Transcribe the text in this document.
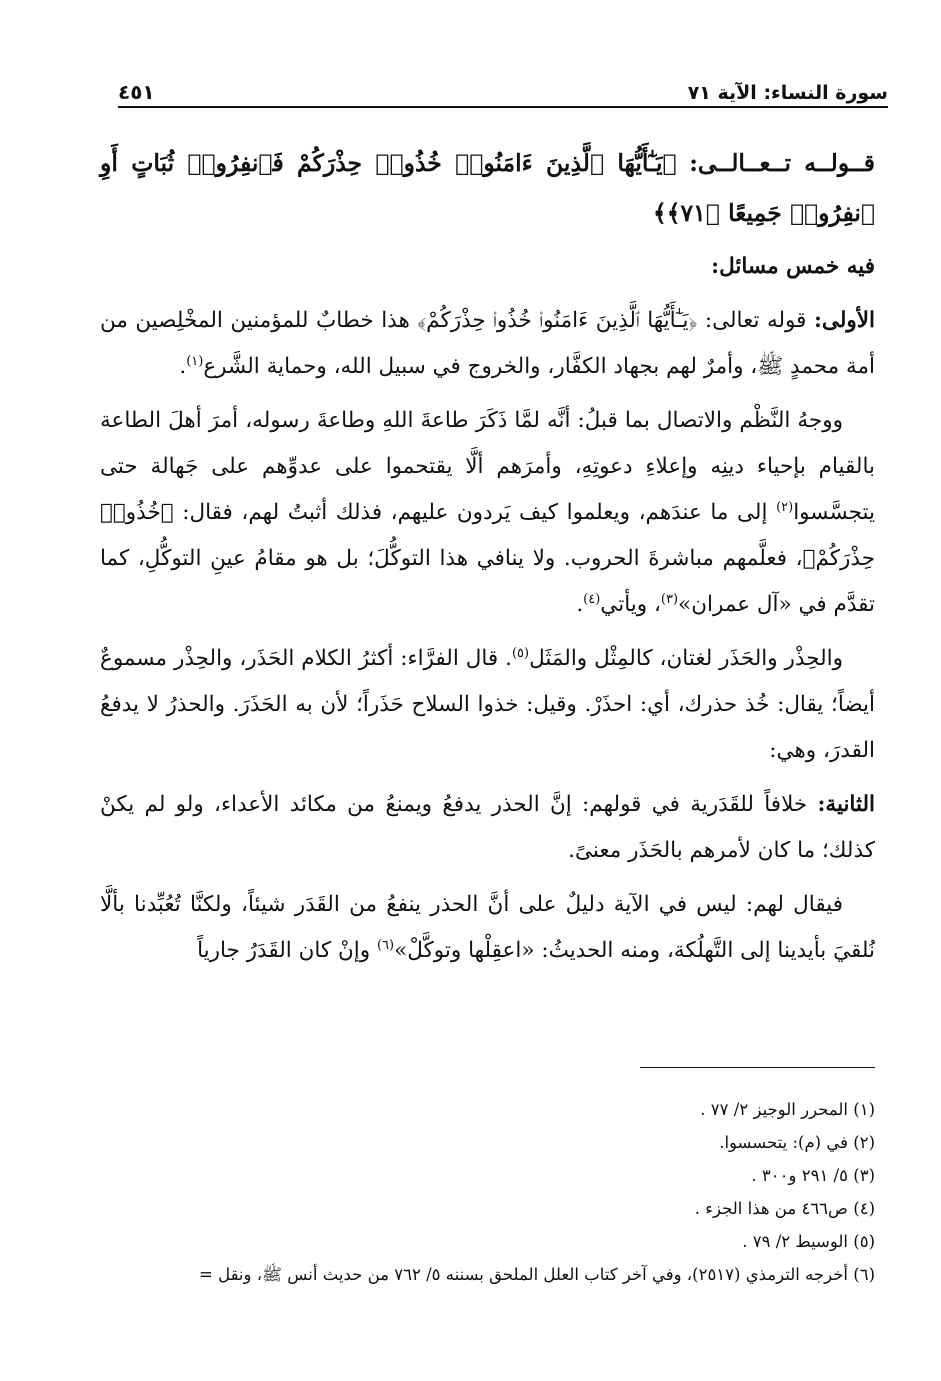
سورة النساء: الآية ٧١
٤٥١

قــولــه تــعــالــى: ﴿يَـٰٓأَيُّهَا ٱلَّذِينَ ءَامَنُوا۟ خُذُوا۟ حِذْرَكُمْ فَٱنفِرُوا۟ ثُبَاتٍ أَوِ ٱنفِرُوا۟ جَمِيعًا ﴿٧١﴾﴾

فيه خمس مسائل:

الأولى: قوله تعالى: ﴿يَـٰٓأَيُّهَا ٱلَّذِينَ ءَامَنُوا۟ خُذُوا۟ حِذْرَكُمْ﴾ هذا خطابٌ للمؤمنين المخْلِصين من أمة محمدٍ ﷺ، وأمرٌ لهم بجهاد الكفَّار، والخروج في سبيل الله، وحماية الشَّرع$^{(١)}$.

ووجهُ النَّظْم والاتصال بما قبلُ: أنَّه لمَّا ذَكَرَ طاعةَ اللهِ وطاعةَ رسوله، أمرَ أهلَ الطاعة بالقيام بإحياء دينِه وإعلاءِ دعوتِهِ، وأمرَهم ألَّا يقتحموا على عدوِّهم على جَهالة حتى يتجسَّسوا$^{(٢)}$ إلى ما عندَهم، ويعلموا كيف يَردون عليهم، فذلك أثبتُ لهم، فقال: ﴿خُذُوا۟ حِذْرَكُمْ﴾، فعلَّمهم مباشرةَ الحروب. ولا ينافي هذا التوكُّلَ؛ بل هو مقامُ عينِ التوكُّلِ، كما تقدَّم في «آل عمران»$^{(٣)}$، ويأتي$^{(٤)}$.

والحِذْر والحَذَر لغتان، كالمِثْل والمَثَل$^{(٥)}$. قال الفرَّاء: أكثرُ الكلام الحَذَر، والحِذْر مسموعٌ أيضاً؛ يقال: خُذ حذرك، أي: احذَرْ. وقيل: خذوا السلاح حَذَراً؛ لأن به الحَذَرَ. والحذرُ لا يدفعُ القدرَ، وهي:

الثانية: خلافاً للقَدَرية في قولهم: إنَّ الحذر يدفعُ ويمنعُ من مكائد الأعداء، ولو لم يكنْ كذلك؛ ما كان لأمرهم بالحَذَر معنىً.

فيقال لهم: ليس في الآية دليلٌ على أنَّ الحذر ينفعُ من القَدَر شيئاً، ولكنَّا تُعُبِّدنا بألَّا نُلقيَ بأيدينا إلى التَّهلُكة، ومنه الحديثُ: «اعقِلْها وتوكَّلْ»$^{(٦)}$ وإنْ كان القَدَرُ جارياً

(١) المحرر الوجيز ٢/ ٧٧ .
(٢) في (م): يتحسسوا.
(٣) ٥/ ٢٩١ و٣٠٠ .
(٤) ص٤٦٦ من هذا الجزء .
(٥) الوسيط ٢/ ٧٩ .
(٦) أخرجه الترمذي (٢٥١٧)، وفي آخر كتاب العلل الملحق بسننه ٥/ ٧٦٢ من حديث أنس ﷺ، ونقل =
